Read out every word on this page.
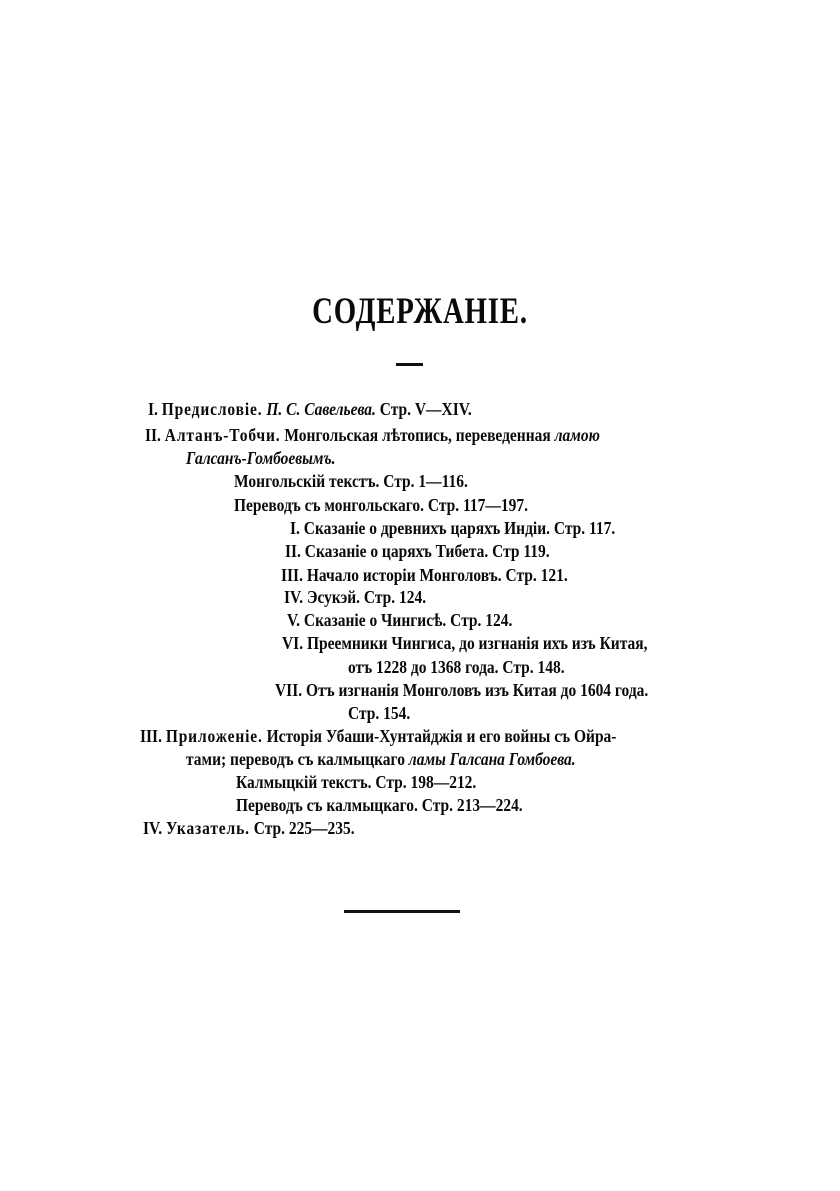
СОДЕРЖАНІЕ.
I. Предисловіе. П. С. Савельева. Стр. V—XIV.
II. Алтанъ-Тобчи. Монгольская лѣтопись, переведенная ламою
Галсанъ-Гомбоевымъ.
Монгольскій текстъ. Стр. 1—116.
Переводъ съ монгольскаго. Стр. 117—197.
I. Сказаніе о древнихъ царяхъ Индіи. Стр. 117.
II. Сказаніе о царяхъ Тибета. Стр 119.
III. Начало исторіи Монголовъ. Стр. 121.
IV. Эсукэй. Стр. 124.
V. Сказаніе о Чингисѣ. Стр. 124.
VI. Преемники Чингиса, до изгнанія ихъ изъ Китая,
отъ 1228 до 1368 года. Стр. 148.
VII. Отъ изгнанія Монголовъ изъ Китая до 1604 года.
Стр. 154.
III. Приложеніе. Исторія Убаши-Хунтайджія и его войны съ Ойра-
тами; переводъ съ калмыцкаго ламы Галсана Гомбоева.
Калмыцкій текстъ. Стр. 198—212.
Переводъ съ калмыцкаго. Стр. 213—224.
IV. Указатель. Стр. 225—235.
